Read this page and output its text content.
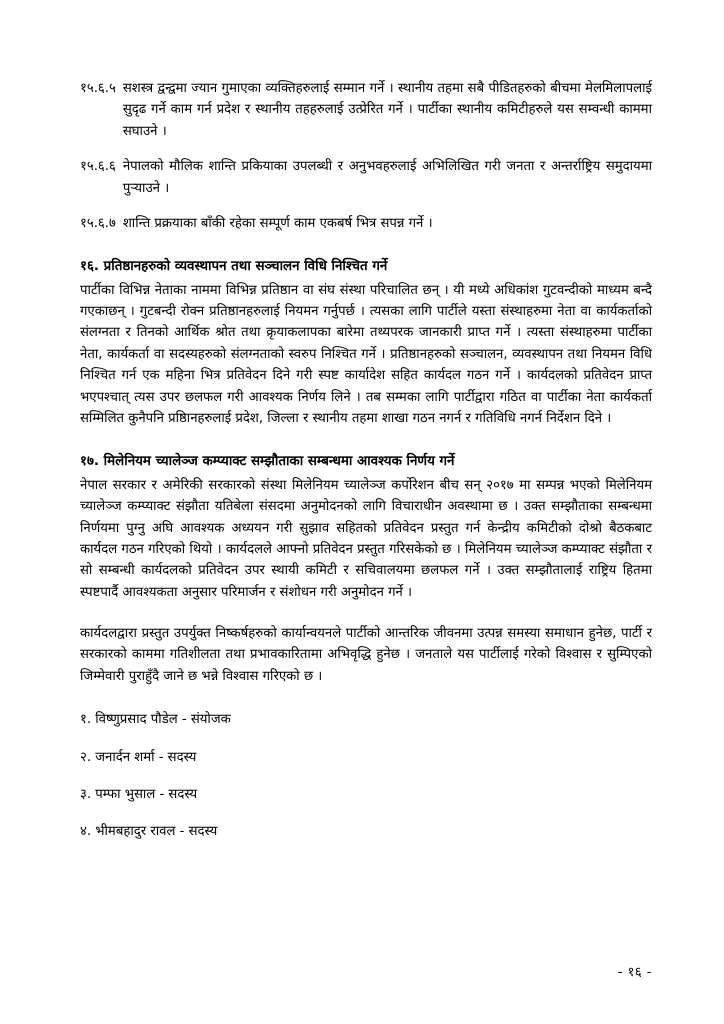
१५.६.५ सशस्त्र द्वन्द्वमा ज्यान गुमाएका व्यक्तिहरुलाई सम्मान गर्ने । स्थानीय तहमा सबै पीडितहरुको बीचमा मेलमिलापलाई सुदृढ गर्ने काम गर्न प्रदेश र स्थानीय तहहरुलाई उत्प्रेरित गर्ने । पार्टीका स्थानीय कमिटीहरुले यस सम्वन्धी काममा सघाउने ।
१५.६.६ नेपालको मौलिक शान्ति प्रकियाका उपलब्धी र अनुभवहरुलाई अभिलिखित गरी जनता र अन्तर्राष्ट्रिय समुदायमा पुऱ्याउने ।
१५.६.७ शान्ति प्रक्रयाका बाँकी रहेका सम्पूर्ण काम एकबर्ष भित्र सपन्न गर्ने ।
१६. प्रतिष्ठानहरुको व्यवस्थापन तथा सञ्चालन विधि निश्चित गर्ने
पार्टीका विभिन्न नेताका नाममा विभिन्न प्रतिष्ठान वा संघ संस्था परिचालित छन् । यी मध्ये अधिकांश गुटवन्दीको माध्यम बन्दै गएकाछन् । गुटबन्दी रोक्न प्रतिष्ठानहरुलाई नियमन गर्नुपर्छ । त्यसका लागि पार्टीले यस्ता संस्थाहरुमा नेता वा कार्यकर्ताको संलग्नता र तिनको आर्थिक श्रोत तथा क्रृयाकलापका बारेमा तथ्यपरक जानकारी प्राप्त गर्ने । त्यस्ता संस्थाहरुमा पार्टीका नेता, कार्यकर्ता वा सदस्यहरुको संलग्नताको स्वरुप निश्चित गर्ने । प्रतिष्ठानहरुको सञ्चालन, व्यवस्थापन तथा नियमन विधि निश्चित गर्न एक महिना भित्र प्रतिवेदन दिने गरी स्पष्ट कार्यादेश सहित कार्यदल गठन गर्ने । कार्यदलको प्रतिवेदन प्राप्त भएपश्चात् त्यस उपर छलफल गरी आवश्यक निर्णय लिने । तब सम्मका लागि पार्टीद्वारा गठित वा पार्टीका नेता कार्यकर्ता सम्मिलित कुनैपनि प्रष्ठिानहरुलाई प्रदेश, जिल्ला र स्थानीय तहमा शाखा गठन नगर्न र गतिविधि नगर्न निर्देशन दिने ।
१७. मिलेनियम च्यालेञ्ज कम्प्याक्ट सम्झौताका सम्बन्धमा आवश्यक निर्णय गर्ने
नेपाल सरकार र अमेरिकी सरकारको संस्था मिलेनियम च्यालेञ्ज कर्पोरेशन बीच सन् २०१७ मा सम्पन्न भएको मिलेनियम च्यालेञ्ज कम्प्याक्ट संझौता यतिबेला संसदमा अनुमोदनको लागि विचाराधीन अवस्थामा छ । उक्त सम्झौताका सम्बन्धमा निर्णयमा पुग्नु अघि आवश्यक अध्ययन गरी सुझाव सहितको प्रतिवेदन प्रस्तुत गर्न केन्द्रीय कमिटीको दोश्रो बैठकबाट कार्यदल गठन गरिएको थियो । कार्यदलले आफ्नो प्रतिवेदन प्रस्तुत गरिसकेको छ । मिलेनियम च्यालेञ्ज कम्प्याक्ट संझौता र सो सम्बन्धी कार्यदलको प्रतिवेदन उपर स्थायी कमिटी र सचिवालयमा छलफल गर्ने । उक्त सम्झौतालाई राष्ट्रिय हितमा स्पष्टपार्दै आवश्यकता अनुसार परिमार्जन र संशोधन गरी अनुमोदन गर्ने ।
कार्यदलद्वारा प्रस्तुत उपर्युक्त निष्कर्षहरुको कार्यान्वयनले पार्टीको आन्तरिक जीवनमा उत्पन्न समस्या समाधान हुनेछ, पार्टी र सरकारको काममा गतिशीलता तथा प्रभावकारितामा अभिवृद्धि हुनेछ । जनताले यस पार्टीलाई गरेको विश्वास र सुम्पिएको जिम्मेवारी पुराहुँदै जाने छ भन्ने विश्वास गरिएको छ ।
१. विष्णुप्रसाद पौडेल - संयोजक
२. जनार्दन शर्मा - सदस्य
३. पम्फा भुसाल - सदस्य
४. भीमबहादुर रावल - सदस्य
- १६ -
